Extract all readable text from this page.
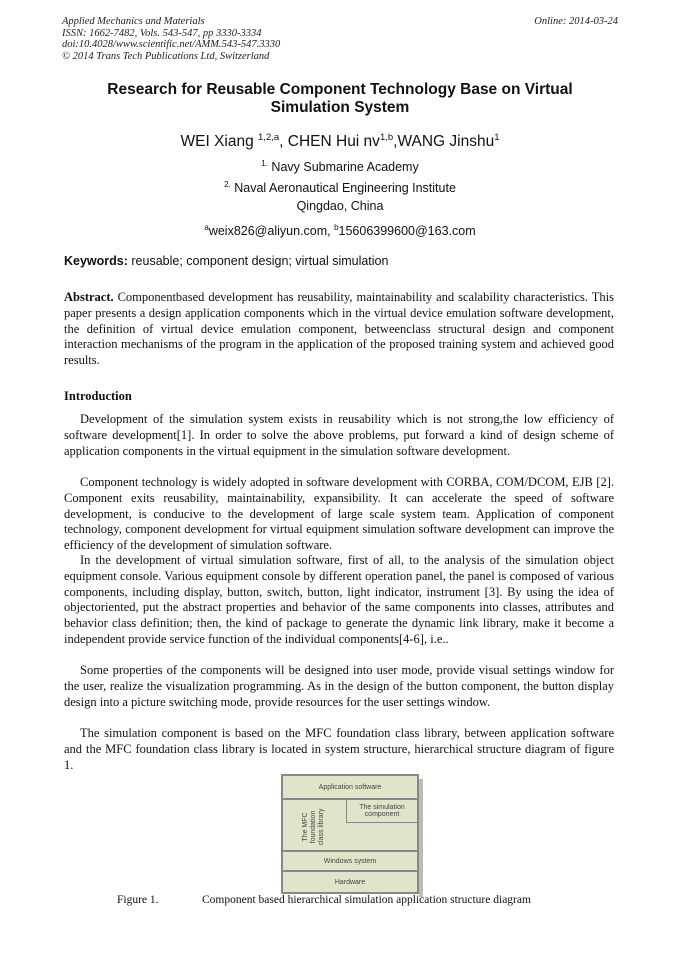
Applied Mechanics and Materials
ISSN: 1662-7482, Vols. 543-547, pp 3330-3334
doi:10.4028/www.scientific.net/AMM.543-547.3330
© 2014 Trans Tech Publications Ltd, Switzerland
Online: 2014-03-24
Research for Reusable Component Technology Base on Virtual
Simulation System
WEI Xiang $^{1,2,a}$, CHEN Hui nv$^{1,b}$,WANG Jinshu$^1$
$^{1.}$ Navy Submarine Academy
$^{2.}$ Naval Aeronautical Engineering Institute
Qingdao, China
$^a$weix826@aliyun.com, $^b$15606399600@163.com
Keywords: reusable; component design; virtual simulation
Abstract. Componentbased development has reusability, maintainability and scalability characteristics. This paper presents a design application components which in the virtual device emulation software development, the definition of virtual device emulation component, betweenclass structural design and component interaction mechanisms of the program in the application of the proposed training system and achieved good results.
Introduction
Development of the simulation system exists in reusability which is not strong,the low efficiency of software development[1]. In order to solve the above problems, put forward a kind of design scheme of application components in the virtual equipment in the simulation software development.
Component technology is widely adopted in software development with CORBA, COM/DCOM, EJB [2]. Component exits reusability, maintainability, expansibility. It can accelerate the speed of software development, is conducive to the development of large scale system team. Application of component technology, component development for virtual equipment simulation software development can improve the efficiency of the development of simulation software.
In the development of virtual simulation software, first of all, to the analysis of the simulation object equipment console. Various equipment console by different operation panel, the panel is composed of various components, including display, button, switch, button, light indicator, instrument [3]. By using the idea of objectoriented, put the abstract properties and behavior of the same components into classes, attributes and behavior class definition; then, the kind of package to generate the dynamic link library, make it become a independent provide service function of the individual components[4-6], i.e..
Some properties of the components will be designed into user mode, provide visual settings window for the user, realize the visualization programming. As in the design of the button component, the button display design into a picture switching mode, provide resources for the user settings window.
The simulation component is based on the MFC foundation class library, between application software and the MFC foundation class library is located in system structure, hierarchical structure diagram of figure 1.
Application software
The MFC foundation class library
The simulation component
Windows system
Hardware
Figure 1.	Component based hierarchical simulation application structure diagram
